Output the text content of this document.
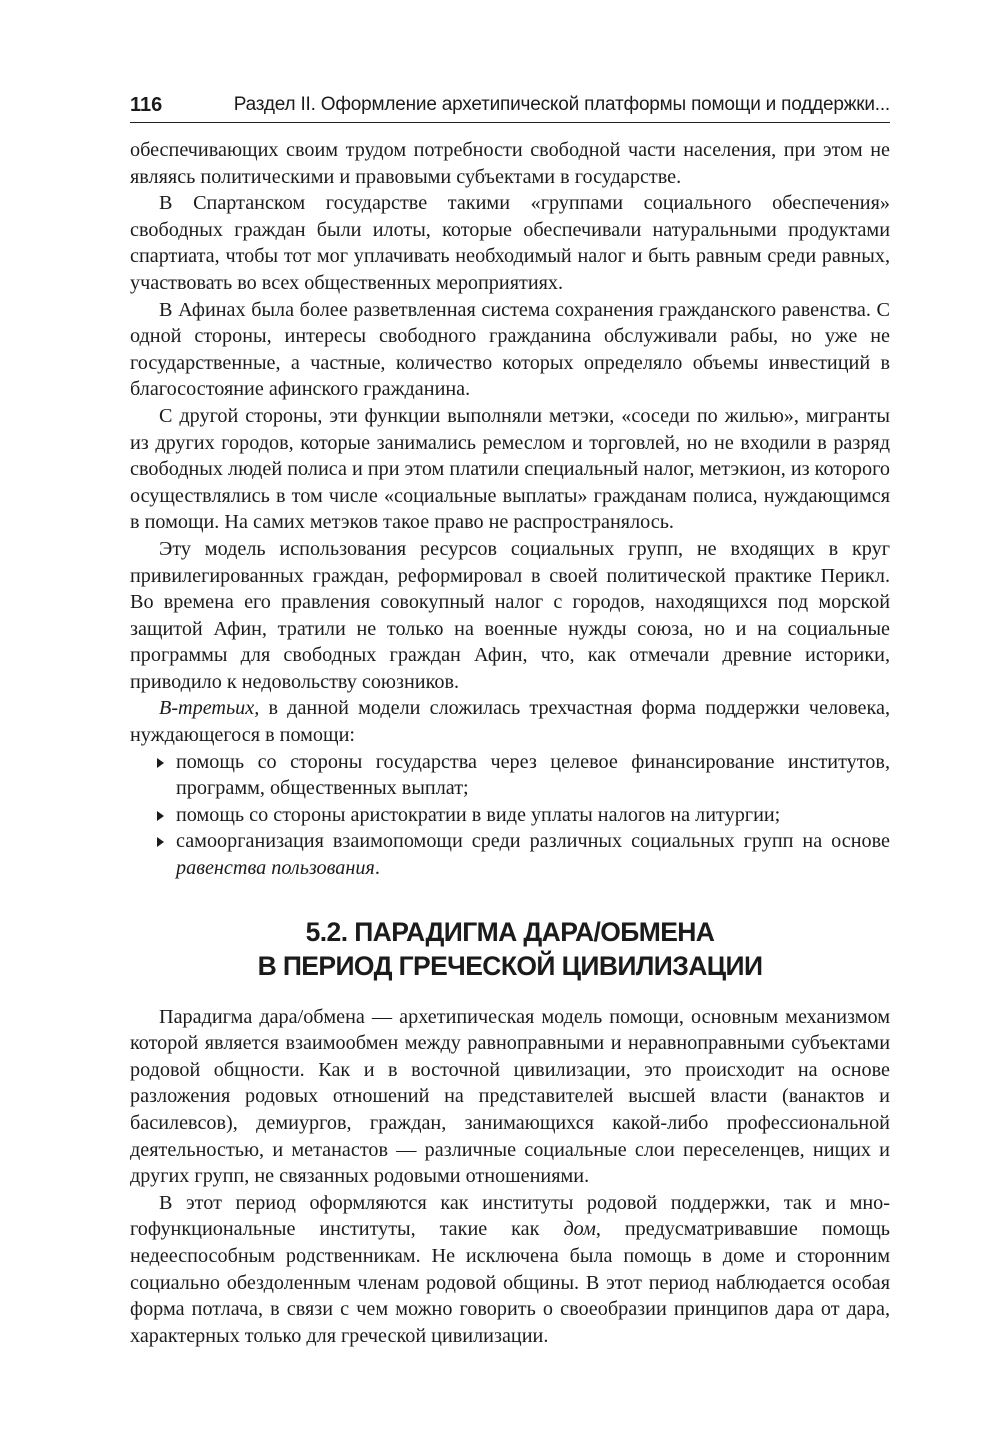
116	Раздел II. Оформление архетипической платформы помощи и поддержки...

обеспечивающих своим трудом потребности свободной части населения, при этом не являясь политическими и правовыми субъектами в государстве.

В Спартанском государстве такими «группами социального обеспечения» свободных граждан были илоты, которые обеспечивали натуральными продуктами спартиата, чтобы тот мог уплачивать необходимый налог и быть равным среди равных, участвовать во всех общественных мероприятиях.

В Афинах была более разветвленная система сохранения гражданского равенства. С одной стороны, интересы свободного гражданина обслуживали рабы, но уже не государственные, а частные, количество которых определяло объемы инвестиций в благосостояние афинского гражданина.

С другой стороны, эти функции выполняли метэки, «соседи по жилью», мигранты из других городов, которые занимались ремеслом и торговлей, но не входили в разряд свободных людей полиса и при этом платили специальный налог, метэкион, из которого осуществлялись в том числе «социальные выплаты» гражданам полиса, нуждающимся в помощи. На самих метэков такое право не распространялось.

Эту модель использования ресурсов социальных групп, не входящих в круг привилегированных граждан, реформировал в своей политической практике Перикл. Во времена его правления совокупный налог с городов, находящихся под морской защитой Афин, тратили не только на военные нужды союза, но и на социальные программы для свободных граждан Афин, что, как отмечали древние историки, приводило к недовольству союзников.

В-третьих, в данной модели сложилась трехчастная форма поддержки человека, нуждающегося в помощи:

помощь со стороны государства через целевое финансирование институтов, программ, общественных выплат;
помощь со стороны аристократии в виде уплаты налогов на литургии;
самоорганизация взаимопомощи среди различных социальных групп на основе равенства пользования.
5.2. ПАРАДИГМА ДАРА/ОБМЕНА
В ПЕРИОД ГРЕЧЕСКОЙ ЦИВИЛИЗАЦИИ

Парадигма дара/обмена — архетипическая модель помощи, основным механизмом которой является взаимообмен между равноправными и неравноправными субъектами родовой общности. Как и в восточной цивилизации, это происходит на основе разложения родовых отношений на представителей высшей власти (ванактов и басилевсов), демиургов, граждан, занимающихся какой-либо профессиональной деятельностью, и метанастов — различные социальные слои переселенцев, нищих и других групп, не связанных родовыми отношениями.

В этот период оформляются как институты родовой поддержки, так и многофункциональные институты, такие как дом, предусматривавшие помощь недееспособным родственникам. Не исключена была помощь в доме и сторонним социально обездоленным членам родовой общины. В этот период наблюдается особая форма потлача, в связи с чем можно говорить о своеобразии принципов дара от дара, характерных только для греческой цивилизации.
